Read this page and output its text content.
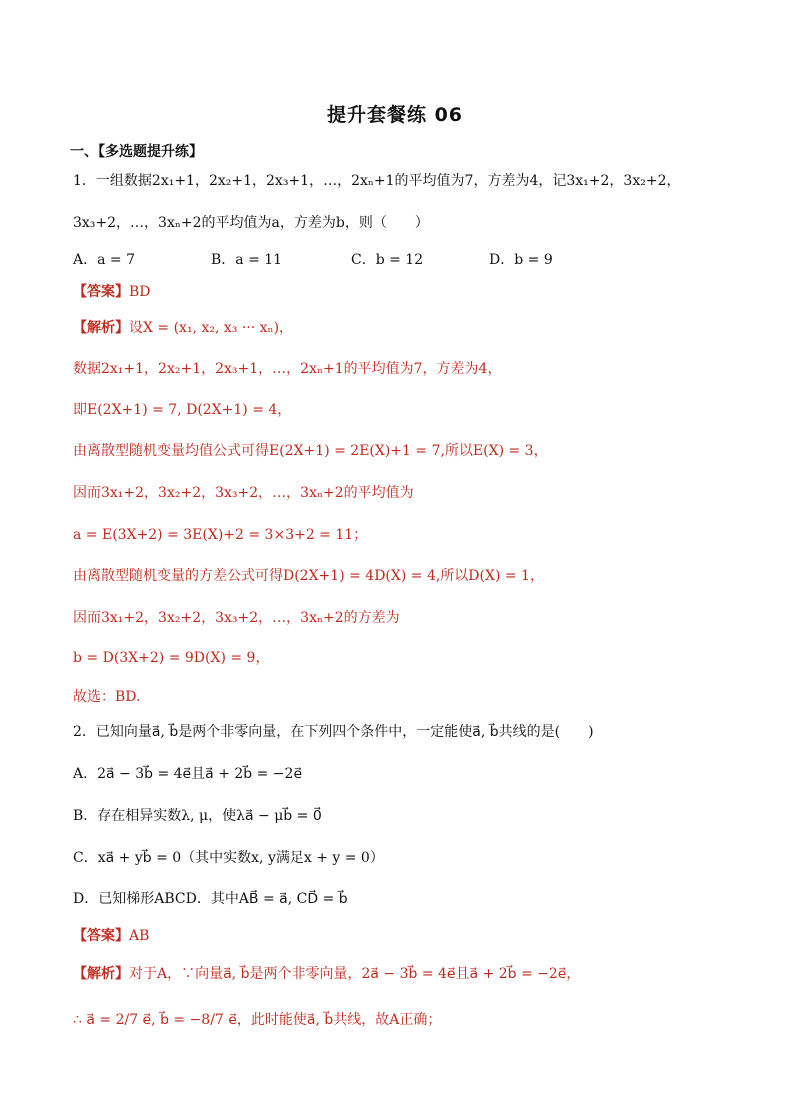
提升套餐练 06
一、【多选题提升练】
1．一组数据2x₁+1，2x₂+1，2x₃+1，…，2xₙ+1的平均值为7，方差为4，记3x₁+2，3x₂+2，
3x₃+2，…，3xₙ+2的平均值为a，方差为b，则（　　）
A．a = 7	B．a = 11	C．b = 12	D．b = 9
【答案】BD
【解析】设X = (x₁, x₂, x₃ ··· xₙ)，
数据2x₁+1，2x₂+1，2x₃+1，…，2xₙ+1的平均值为7，方差为4，
即E(2X+1) = 7, D(2X+1) = 4，
由离散型随机变量均值公式可得E(2X+1) = 2E(X)+1 = 7,所以E(X) = 3，
因而3x₁+2，3x₂+2，3x₃+2，…，3xₙ+2的平均值为
a = E(3X+2) = 3E(X)+2 = 3×3+2 = 11；
由离散型随机变量的方差公式可得D(2X+1) = 4D(X) = 4,所以D(X) = 1，
因而3x₁+2，3x₂+2，3x₃+2，…，3xₙ+2的方差为
b = D(3X+2) = 9D(X) = 9，
故选：BD.
2．已知向量a⃗, b⃗是两个非零向量，在下列四个条件中，一定能使a⃗, b⃗共线的是(　　)
A．2a⃗ − 3b⃗ = 4e⃗且a⃗ + 2b⃗ = −2e⃗
B．存在相异实数λ, μ，使λa⃗ − μb⃗ = 0⃗
C．xa⃗ + yb⃗ = 0（其中实数x, y满足x + y = 0）
D．已知梯形ABCD．其中AB⃗ = a⃗, CD⃗ = b⃗
【答案】AB
【解析】对于A，∵向量a⃗, b⃗是两个非零向量，2a⃗ − 3b⃗ = 4e⃗且a⃗ + 2b⃗ = −2e⃗，
∴ a⃗ = 2/7 e⃗, b⃗ = −8/7 e⃗，此时能使a⃗, b⃗共线，故A正确；
